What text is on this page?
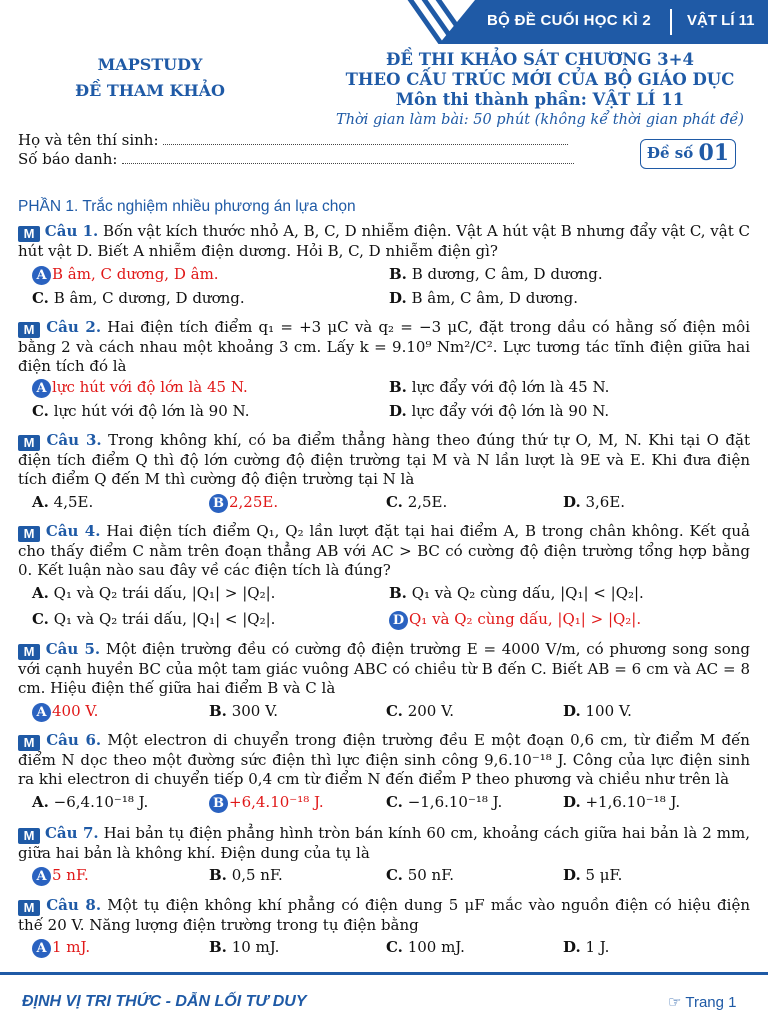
BỘ ĐỀ CUỐI HỌC KÌ 2 VẬT LÍ 11
MAPSTUDY
ĐỀ THAM KHẢO
ĐỀ THI KHẢO SÁT CHƯƠNG 3+4
THEO CẤU TRÚC MỚI CỦA BỘ GIÁO DỤC
Môn thi thành phần: VẬT LÍ 11
Thời gian làm bài: 50 phút (không kể thời gian phát đề)
Họ và tên thí sinh:
Số báo danh:	Đề số 01
PHẦN 1. Trắc nghiệm nhiều phương án lựa chọn
M Câu 1. Bốn vật kích thước nhỏ A, B, C, D nhiễm điện. Vật A hút vật B nhưng đẩy vật C, vật C hút vật D. Biết A nhiễm điện dương. Hỏi B, C, D nhiễm điện gì?
A B âm, C dương, D âm.	B. B dương, C âm, D dương.
C. B âm, C dương, D dương.	D. B âm, C âm, D dương.
M Câu 2. Hai điện tích điểm q₁ = +3 μC và q₂ = −3 μC, đặt trong dầu có hằng số điện môi bằng 2 và cách nhau một khoảng 3 cm. Lấy k = 9.10⁹ Nm²/C². Lực tương tác tĩnh điện giữa hai điện tích đó là
A lực hút với độ lớn là 45 N.	B. lực đẩy với độ lớn là 45 N.
C. lực hút với độ lớn là 90 N.	D. lực đẩy với độ lớn là 90 N.
M Câu 3. Trong không khí, có ba điểm thẳng hàng theo đúng thứ tự O, M, N. Khi tại O đặt điện tích điểm Q thì độ lớn cường độ điện trường tại M và N lần lượt là 9E và E. Khi đưa điện tích điểm Q đến M thì cường độ điện trường tại N là
A. 4,5E.	B 2,25E.	C. 2,5E.	D. 3,6E.
M Câu 4. Hai điện tích điểm Q₁, Q₂ lần lượt đặt tại hai điểm A, B trong chân không. Kết quả cho thấy điểm C nằm trên đoạn thẳng AB với AC > BC có cường độ điện trường tổng hợp bằng 0. Kết luận nào sau đây về các điện tích là đúng?
A. Q₁ và Q₂ trái dấu, |Q₁| > |Q₂|.	B. Q₁ và Q₂ cùng dấu, |Q₁| < |Q₂|.
C. Q₁ và Q₂ trái dấu, |Q₁| < |Q₂|.	D Q₁ và Q₂ cùng dấu, |Q₁| > |Q₂|.
M Câu 5. Một điện trường đều có cường độ điện trường E = 4000 V/m, có phương song song với cạnh huyền BC của một tam giác vuông ABC có chiều từ B đến C. Biết AB = 6 cm và AC = 8 cm. Hiệu điện thế giữa hai điểm B và C là
A 400 V.	B. 300 V.	C. 200 V.	D. 100 V.
M Câu 6. Một electron di chuyển trong điện trường đều E một đoạn 0,6 cm, từ điểm M đến điểm N dọc theo một đường sức điện thì lực điện sinh công 9,6.10⁻¹⁸ J. Công của lực điện sinh ra khi electron di chuyển tiếp 0,4 cm từ điểm N đến điểm P theo phương và chiều như trên là
A. −6,4.10⁻¹⁸ J.	B +6,4.10⁻¹⁸ J.	C. −1,6.10⁻¹⁸ J.	D. +1,6.10⁻¹⁸ J.
M Câu 7. Hai bản tụ điện phẳng hình tròn bán kính 60 cm, khoảng cách giữa hai bản là 2 mm, giữa hai bản là không khí. Điện dung của tụ là
A 5 nF.	B. 0,5 nF.	C. 50 nF.	D. 5 μF.
M Câu 8. Một tụ điện không khí phẳng có điện dung 5 μF mắc vào nguồn điện có hiệu điện thế 20 V. Năng lượng điện trường trong tụ điện bằng
A 1 mJ.	B. 10 mJ.	C. 100 mJ.	D. 1 J.
ĐỊNH VỊ TRI THỨC - DẪN LỐI TƯ DUY	☞ Trang 1
